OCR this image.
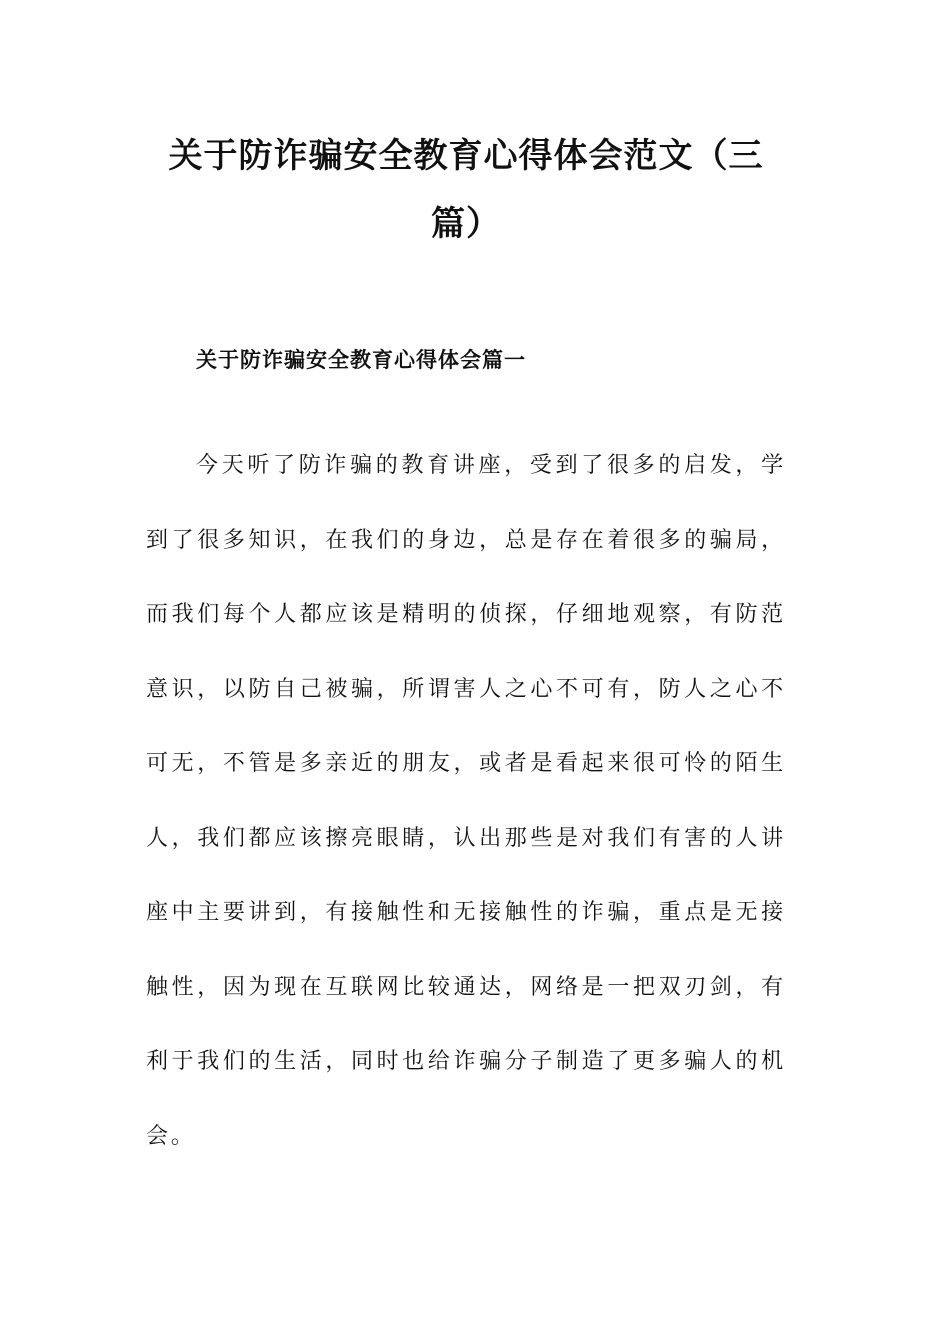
关于防诈骗安全教育心得体会范文（三篇）
关于防诈骗安全教育心得体会篇一

今天听了防诈骗的教育讲座，受到了很多的启发，学到了很多知识，在我们的身边，总是存在着很多的骗局，而我们每个人都应该是精明的侦探，仔细地观察，有防范意识，以防自己被骗，所谓害人之心不可有，防人之心不可无，不管是多亲近的朋友，或者是看起来很可怜的陌生人，我们都应该擦亮眼睛，认出那些是对我们有害的人讲座中主要讲到，有接触性和无接触性的诈骗，重点是无接触性，因为现在互联网比较通达，网络是一把双刃剑，有利于我们的生活，同时也给诈骗分子制造了更多骗人的机会。
